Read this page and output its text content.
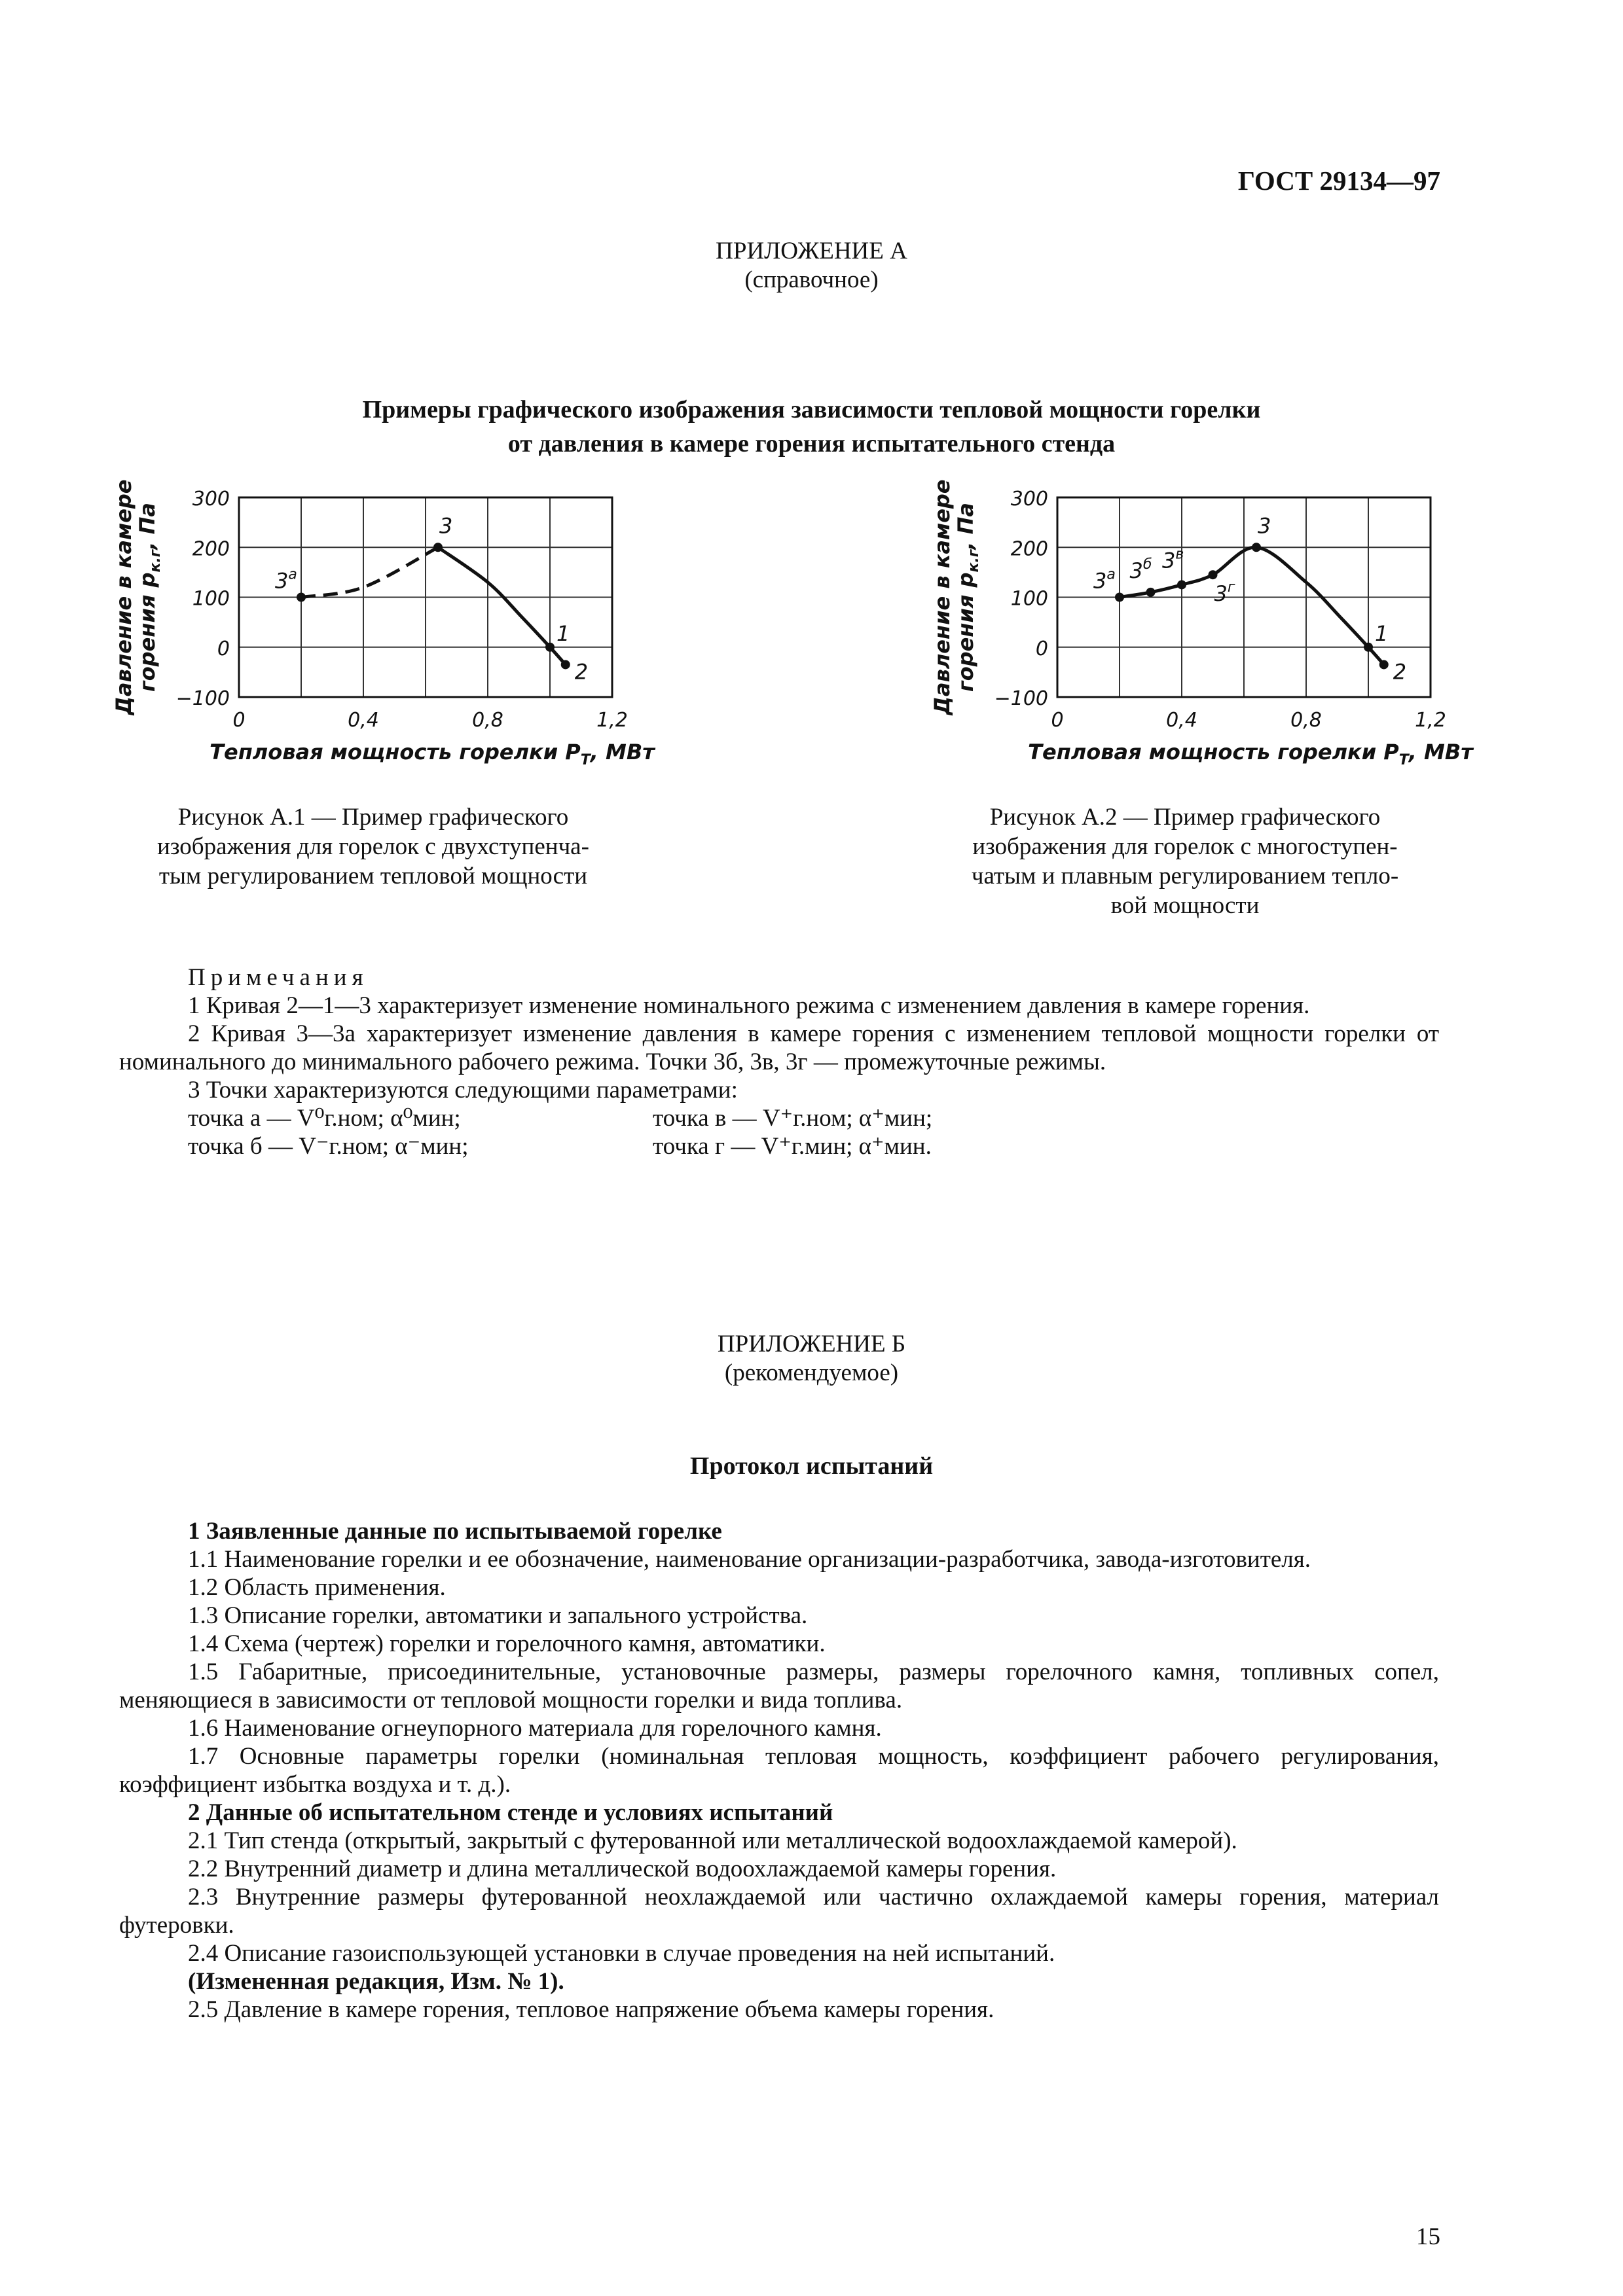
ГОСТ 29134—97
ПРИЛОЖЕНИЕ А
(справочное)
Примеры графического изображения зависимости тепловой мощности горелки
от давления в камере горения испытательного стенда
300
200
100
0
−100
0	0,4	0,8	1,2
Тепловая мощность горелки $P_Т$, МВт
Давление в камере
горения $p_{к.г}$, Па
$3^а$
3
1
2
300
200
100
0
−100
0	0,4	0,8	1,2
Тепловая мощность горелки $P_Т$, МВт
Давление в камере
горения $p_{к.г}$, Па
$3^а$ $3^б$ $3^в$
$3^г$
3
1
2
Рисунок А.1 — Пример графического
изображения для горелок с двухступенча-
тым регулированием тепловой мощности
Рисунок А.2 — Пример графического
изображения для горелок с многоступен-
чатым и плавным регулированием тепло-
вой мощности
Примечания

1 Кривая 2—1—3 характеризует изменение номинального режима с изменением давления в камере горения.

2 Кривая 3—3а характеризует изменение давления в камере горения с изменением тепловой мощности горелки от номинального до минимального рабочего режима. Точки 3б, 3в, 3г — промежуточные режимы.

3 Точки характеризуются следующими параметрами:

точка а — V⁰г.ном; α⁰мин;	точка в — V⁺г.ном; α⁺мин;
точка б — V⁻г.ном; α⁻мин;	точка г — V⁺г.мин; α⁺мин.
ПРИЛОЖЕНИЕ Б
(рекомендуемое)
Протокол испытаний

1 Заявленные данные по испытываемой горелке

1.1 Наименование горелки и ее обозначение, наименование организации-разработчика, завода-изготовителя.

1.2 Область применения.

1.3 Описание горелки, автоматики и запального устройства.

1.4 Схема (чертеж) горелки и горелочного камня, автоматики.

1.5 Габаритные, присоединительные, установочные размеры, размеры горелочного камня, топливных сопел, меняющиеся в зависимости от тепловой мощности горелки и вида топлива.

1.6 Наименование огнеупорного материала для горелочного камня.

1.7 Основные параметры горелки (номинальная тепловая мощность, коэффициент рабочего регулирования, коэффициент избытка воздуха и т. д.).

2 Данные об испытательном стенде и условиях испытаний

2.1 Тип стенда (открытый, закрытый с футерованной или металлической водоохлаждаемой камерой).

2.2 Внутренний диаметр и длина металлической водоохлаждаемой камеры горения.

2.3 Внутренние размеры футерованной неохлаждаемой или частично охлаждаемой камеры горения, материал футеровки.

2.4 Описание газоиспользующей установки в случае проведения на ней испытаний.

(Измененная редакция, Изм. № 1).

2.5 Давление в камере горения, тепловое напряжение объема камеры горения.

15
